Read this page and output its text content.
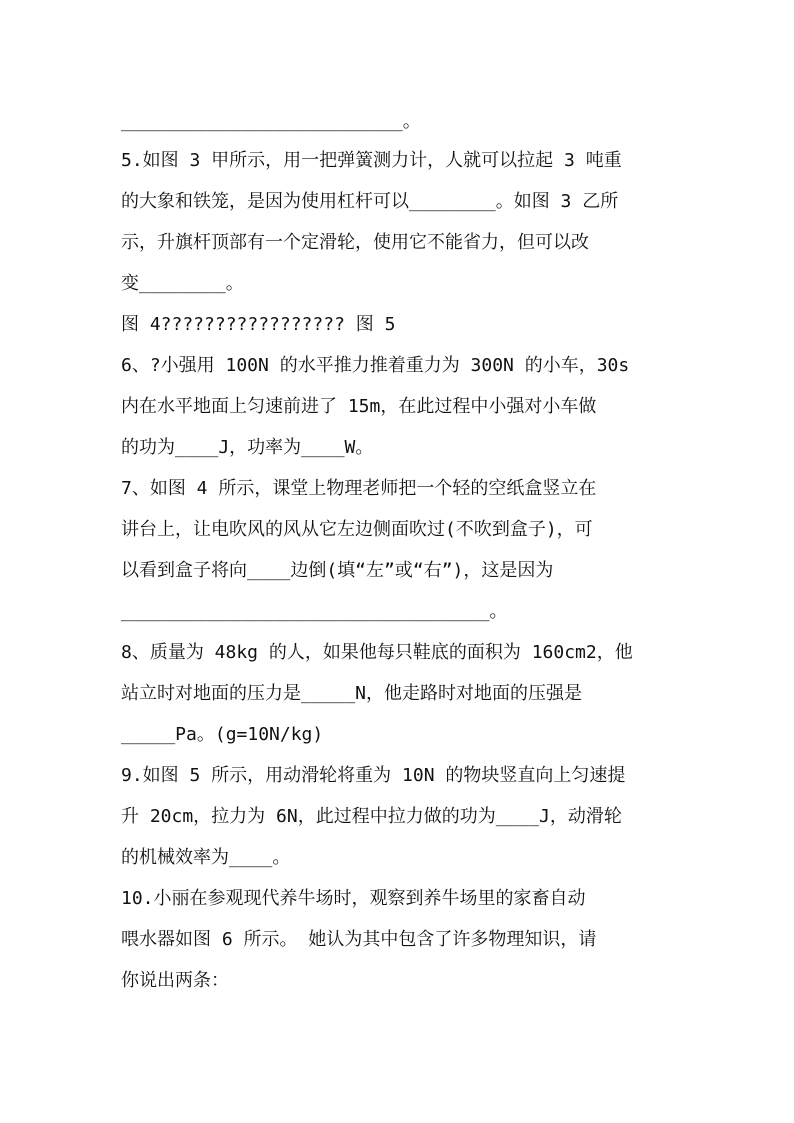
__________________________。
5.如图 3 甲所示，用一把弹簧测力计，人就可以拉起 3 吨重
的大象和铁笼，是因为使用杠杆可以________。如图 3 乙所
示，升旗杆顶部有一个定滑轮，使用它不能省力，但可以改
变________。
图 4????????????????? 图 5
6、?小强用 100N 的水平推力推着重力为 300N 的小车，30s
内在水平地面上匀速前进了 15m，在此过程中小强对小车做
的功为____J，功率为____W。
7、如图 4 所示，课堂上物理老师把一个轻的空纸盒竖立在
讲台上，让电吹风的风从它左边侧面吹过(不吹到盒子)，可
以看到盒子将向____边倒(填“左”或“右”)，这是因为
__________________________________。
8、质量为 48kg 的人，如果他每只鞋底的面积为 160cm2，他
站立时对地面的压力是_____N，他走路时对地面的压强是
_____Pa。(g=10N/kg)
9.如图 5 所示，用动滑轮将重为 10N 的物块竖直向上匀速提
升 20cm，拉力为 6N，此过程中拉力做的功为____J，动滑轮
的机械效率为____。
10.小丽在参观现代养牛场时，观察到养牛场里的家畜自动
喂水器如图 6 所示。 她认为其中包含了许多物理知识，请
你说出两条：
